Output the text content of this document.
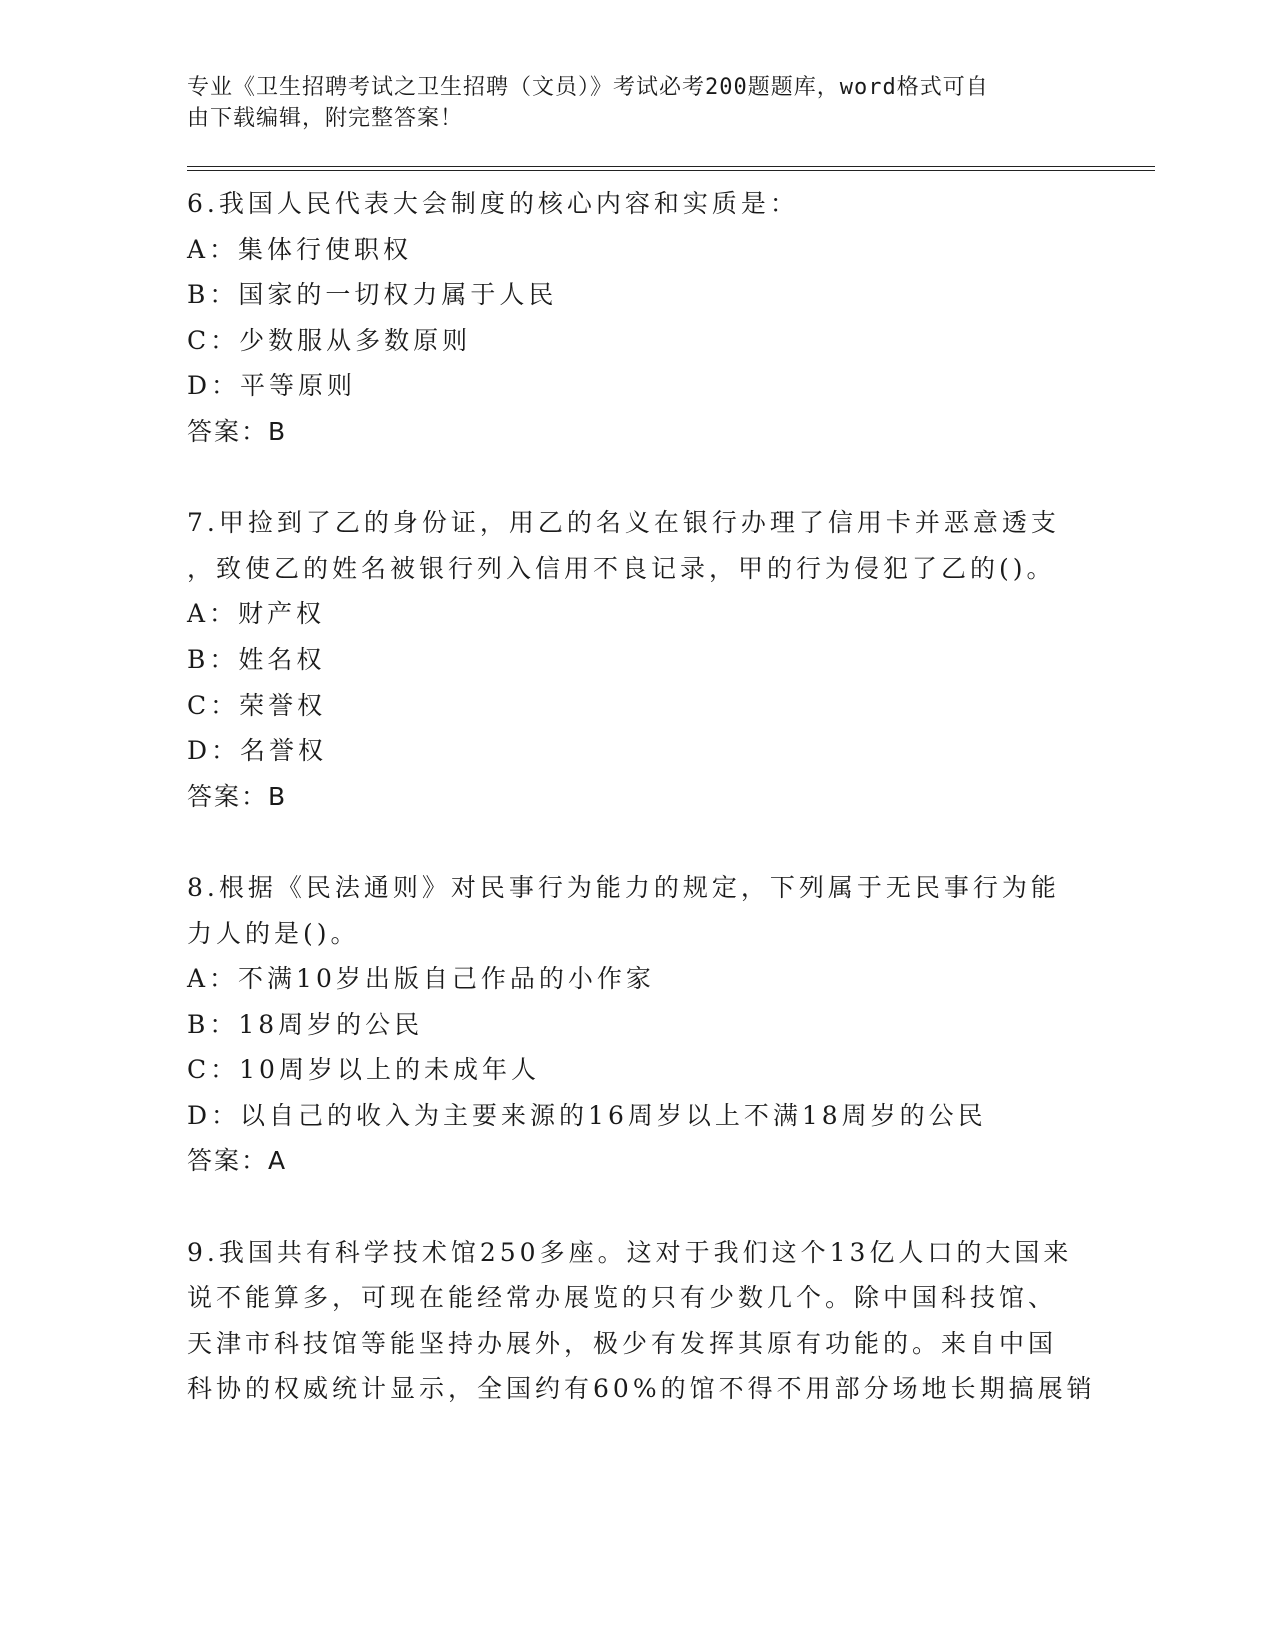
专业《卫生招聘考试之卫生招聘（文员）》考试必考200题题库，word格式可自

由下载编辑，附完整答案！

6.我国人民代表大会制度的核心内容和实质是：

A：集体行使职权

B：国家的一切权力属于人民

C：少数服从多数原则

D：平等原则

答案：B

7.甲捡到了乙的身份证，用乙的名义在银行办理了信用卡并恶意透支

，致使乙的姓名被银行列入信用不良记录，甲的行为侵犯了乙的()。

A：财产权

B：姓名权

C：荣誉权

D：名誉权

答案：B

8.根据《民法通则》对民事行为能力的规定，下列属于无民事行为能

力人的是()。

A：不满10岁出版自己作品的小作家

B：18周岁的公民

C：10周岁以上的未成年人

D：以自己的收入为主要来源的16周岁以上不满18周岁的公民

答案：A

9.我国共有科学技术馆250多座。这对于我们这个13亿人口的大国来

说不能算多，可现在能经常办展览的只有少数几个。除中国科技馆、

天津市科技馆等能坚持办展外，极少有发挥其原有功能的。来自中国

科协的权威统计显示，全国约有60%的馆不得不用部分场地长期搞展销
